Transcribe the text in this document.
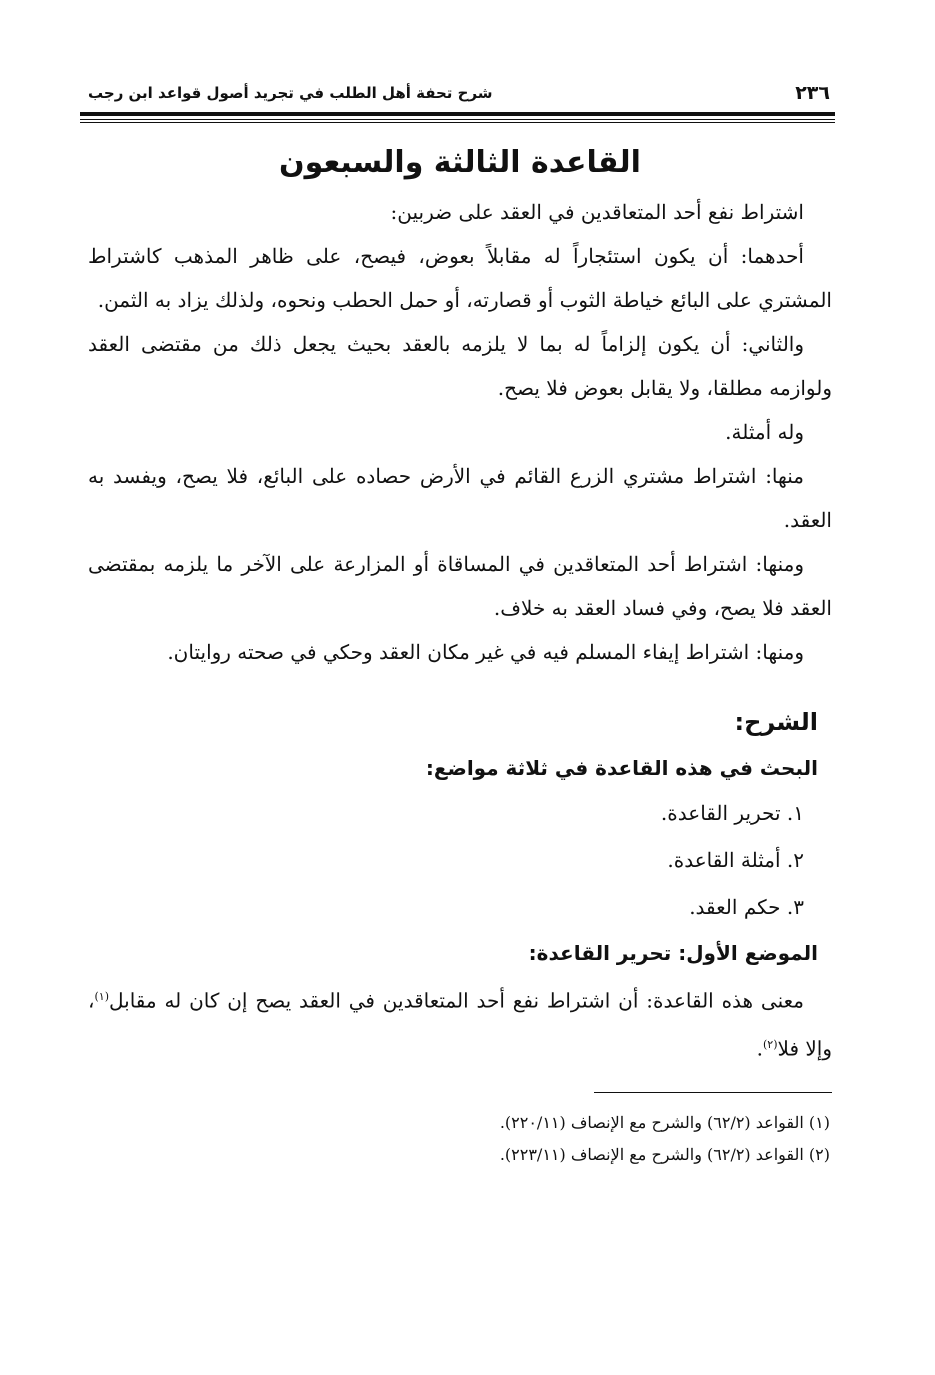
٢٣٦
شرح تحفة أهل الطلب في تجريد أصول قواعد ابن رجب
القاعدة الثالثة والسبعون

اشتراط نفع أحد المتعاقدين في العقد على ضربين:

أحدهما: أن يكون استئجاراً له مقابلاً بعوض، فيصح، على ظاهر المذهب كاشتراط المشتري على البائع خياطة الثوب أو قصارته، أو حمل الحطب ونحوه، ولذلك يزاد به الثمن.

والثاني: أن يكون إلزاماً له بما لا يلزمه بالعقد بحيث يجعل ذلك من مقتضى العقد ولوازمه مطلقا، ولا يقابل بعوض فلا يصح.

وله أمثلة.

منها: اشتراط مشتري الزرع القائم في الأرض حصاده على البائع، فلا يصح، ويفسد به العقد.

ومنها: اشتراط أحد المتعاقدين في المساقاة أو المزارعة على الآخر ما يلزمه بمقتضى العقد فلا يصح، وفي فساد العقد به خلاف.

ومنها: اشتراط إيفاء المسلم فيه في غير مكان العقد وحكي في صحته روايتان.

الشرح:
البحث في هذه القاعدة في ثلاثة مواضع:
١. تحرير القاعدة.
٢. أمثلة القاعدة.
٣. حكم العقد.
الموضع الأول: تحرير القاعدة:

معنى هذه القاعدة: أن اشتراط نفع أحد المتعاقدين في العقد يصح إن كان له مقابل$^{(١)}$، وإلا فلا$^{(٢)}$.

(١) القواعد (٦٢/٢) والشرح مع الإنصاف (٢٢٠/١١).

(٢) القواعد (٦٢/٢) والشرح مع الإنصاف (٢٢٣/١١).
